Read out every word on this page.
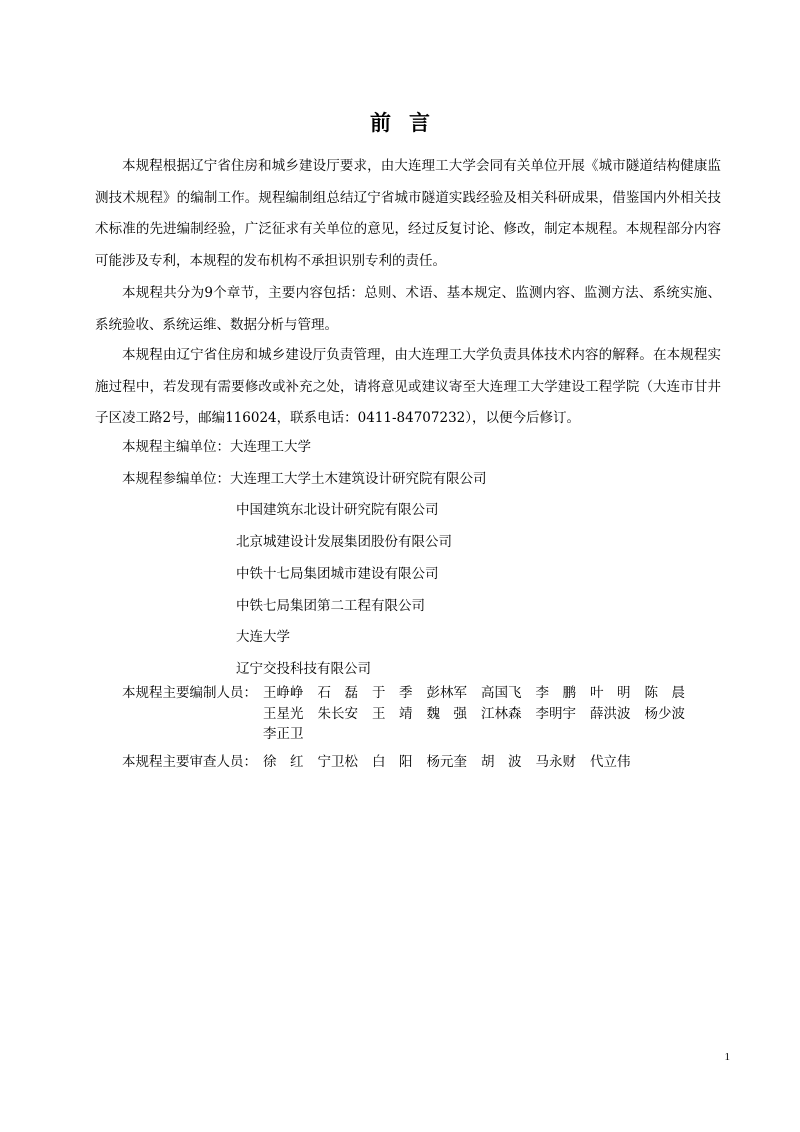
前言
本规程根据辽宁省住房和城乡建设厅要求，由大连理工大学会同有关单位开展《城市隧道结构健康监测技术规程》的编制工作。规程编制组总结辽宁省城市隧道实践经验及相关科研成果，借鉴国内外相关技术标准的先进编制经验，广泛征求有关单位的意见，经过反复讨论、修改，制定本规程。本规程部分内容可能涉及专利，本规程的发布机构不承担识别专利的责任。
本规程共分为9个章节，主要内容包括：总则、术语、基本规定、监测内容、监测方法、系统实施、系统验收、系统运维、数据分析与管理。
本规程由辽宁省住房和城乡建设厅负责管理，由大连理工大学负责具体技术内容的解释。在本规程实施过程中，若发现有需要修改或补充之处，请将意见或建议寄至大连理工大学建设工程学院（大连市甘井子区凌工路2号，邮编116024，联系电话：0411-84707232），以便今后修订。
本规程主编单位：大连理工大学
本规程参编单位：大连理工大学土木建筑设计研究院有限公司
中国建筑东北设计研究院有限公司
北京城建设计发展集团股份有限公司
中铁十七局集团城市建设有限公司
中铁七局集团第二工程有限公司
大连大学
辽宁交投科技有限公司
本规程主要编制人员： 王峥峥 石　磊 于　季 彭林军 高国飞 李　鹏 叶　明 陈　晨
王星光 朱长安 王　靖 魏　强 江林森 李明宇 薛洪波 杨少波
李正卫
本规程主要审查人员： 徐　红 宁卫松 白　阳 杨元奎 胡　波 马永财 代立伟
1
